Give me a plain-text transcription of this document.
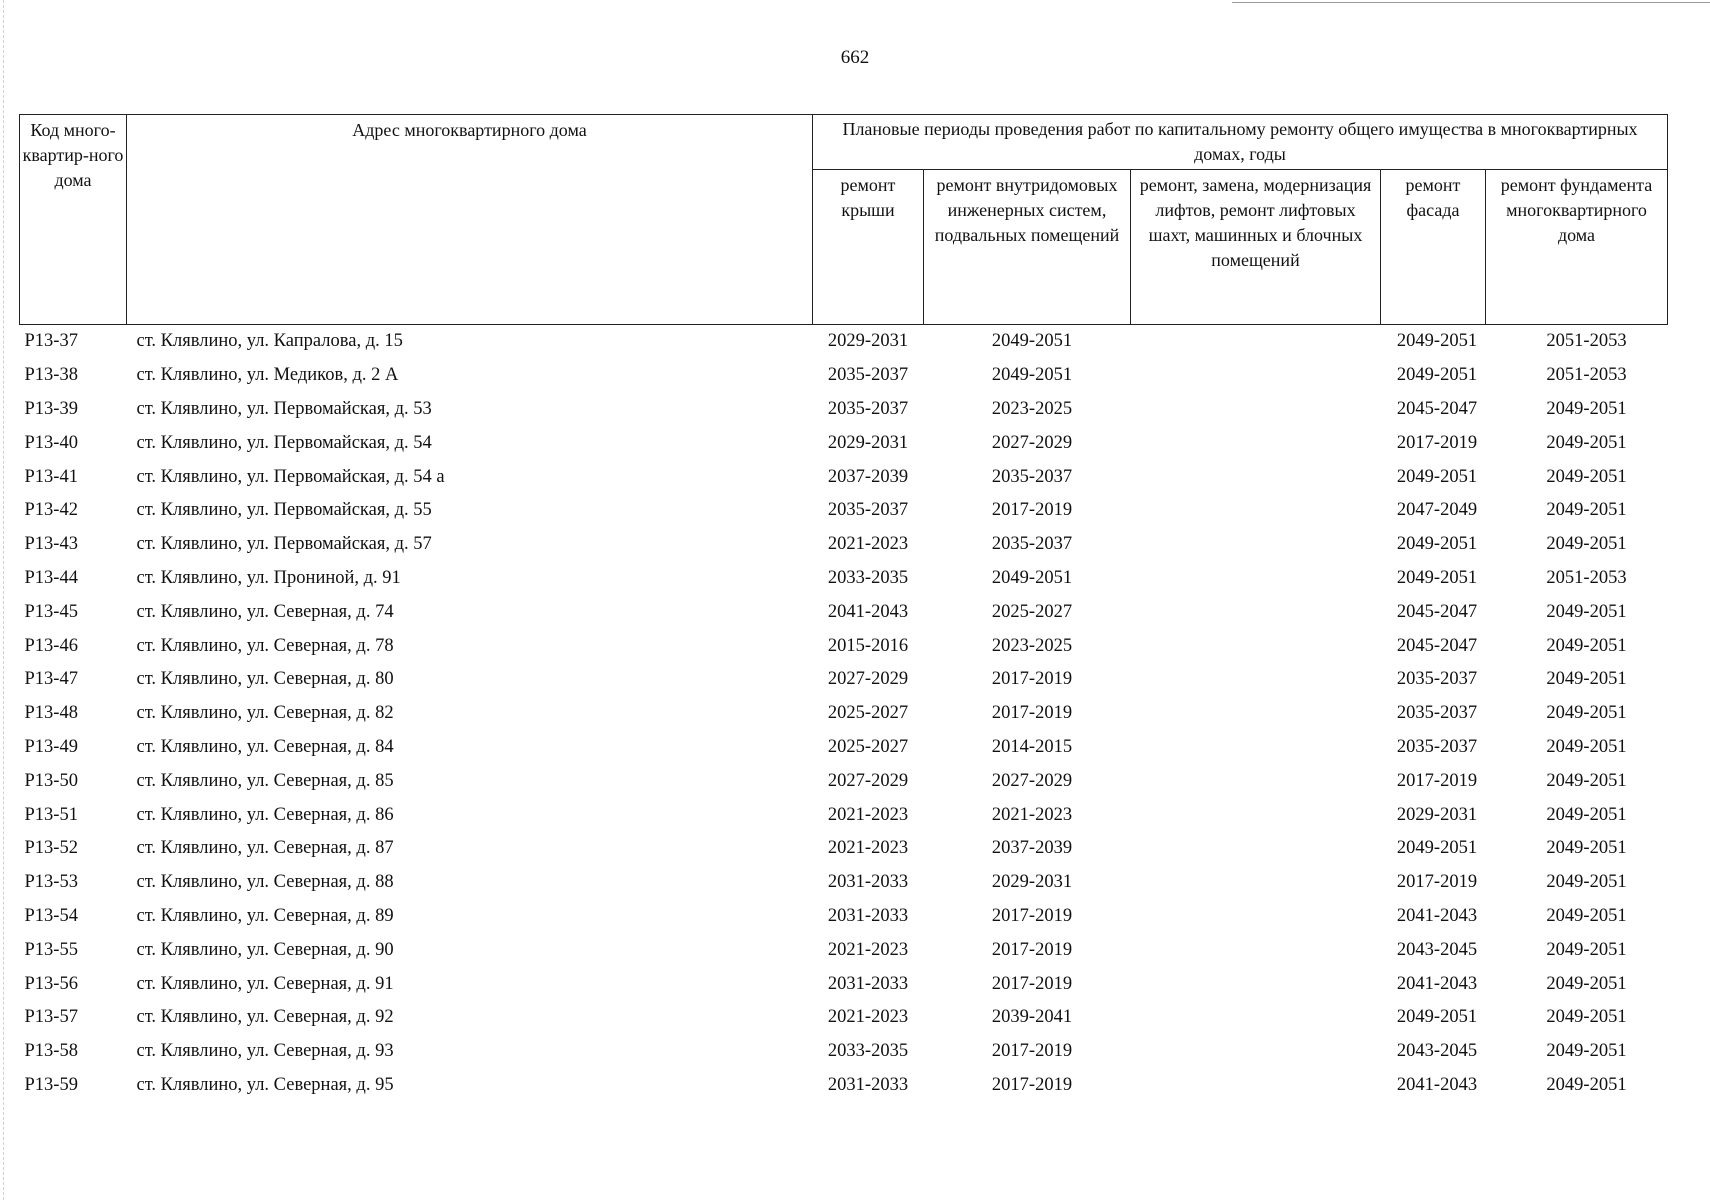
662
Код много-квартир-ного дома	Адрес многоквартирного дома	Плановые периоды проведения работ по капитальному ремонту общего имущества в многоквартирных домах, годы				
		ремонт крыши	ремонт внутридомовых инженерных систем, подвальных помещений	ремонт, замена, модернизация лифтов, ремонт лифтовых шахт, машинных и блочных помещений	ремонт фасада	ремонт фундамента многоквартирного дома
Р13-37	ст. Клявлино, ул. Капралова, д. 15	2029-2031	2049-2051		2049-2051	2051-2053
Р13-38	ст. Клявлино, ул. Медиков, д. 2 А	2035-2037	2049-2051		2049-2051	2051-2053
Р13-39	ст. Клявлино, ул. Первомайская, д. 53	2035-2037	2023-2025		2045-2047	2049-2051
Р13-40	ст. Клявлино, ул. Первомайская, д. 54	2029-2031	2027-2029		2017-2019	2049-2051
Р13-41	ст. Клявлино, ул. Первомайская, д. 54 а	2037-2039	2035-2037		2049-2051	2049-2051
Р13-42	ст. Клявлино, ул. Первомайская, д. 55	2035-2037	2017-2019		2047-2049	2049-2051
Р13-43	ст. Клявлино, ул. Первомайская, д. 57	2021-2023	2035-2037		2049-2051	2049-2051
Р13-44	ст. Клявлино, ул. Прониной, д. 91	2033-2035	2049-2051		2049-2051	2051-2053
Р13-45	ст. Клявлино, ул. Северная, д. 74	2041-2043	2025-2027		2045-2047	2049-2051
Р13-46	ст. Клявлино, ул. Северная, д. 78	2015-2016	2023-2025		2045-2047	2049-2051
Р13-47	ст. Клявлино, ул. Северная, д. 80	2027-2029	2017-2019		2035-2037	2049-2051
Р13-48	ст. Клявлино, ул. Северная, д. 82	2025-2027	2017-2019		2035-2037	2049-2051
Р13-49	ст. Клявлино, ул. Северная, д. 84	2025-2027	2014-2015		2035-2037	2049-2051
Р13-50	ст. Клявлино, ул. Северная, д. 85	2027-2029	2027-2029		2017-2019	2049-2051
Р13-51	ст. Клявлино, ул. Северная, д. 86	2021-2023	2021-2023		2029-2031	2049-2051
Р13-52	ст. Клявлино, ул. Северная, д. 87	2021-2023	2037-2039		2049-2051	2049-2051
Р13-53	ст. Клявлино, ул. Северная, д. 88	2031-2033	2029-2031		2017-2019	2049-2051
Р13-54	ст. Клявлино, ул. Северная, д. 89	2031-2033	2017-2019		2041-2043	2049-2051
Р13-55	ст. Клявлино, ул. Северная, д. 90	2021-2023	2017-2019		2043-2045	2049-2051
Р13-56	ст. Клявлино, ул. Северная, д. 91	2031-2033	2017-2019		2041-2043	2049-2051
Р13-57	ст. Клявлино, ул. Северная, д. 92	2021-2023	2039-2041		2049-2051	2049-2051
Р13-58	ст. Клявлино, ул. Северная, д. 93	2033-2035	2017-2019		2043-2045	2049-2051
Р13-59	ст. Клявлино, ул. Северная, д. 95	2031-2033	2017-2019		2041-2043	2049-2051
